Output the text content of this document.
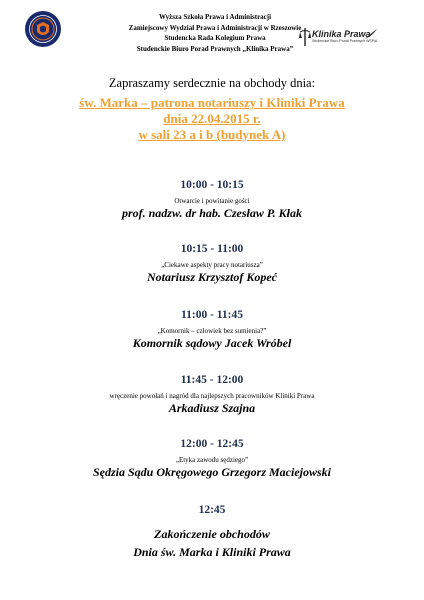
Wyższa Szkoła Prawa i Administracji
Zamiejscowy Wydział Prawa i Administracji w Rzeszowie
Studencka Rada Kolegium Prawa
Studenckie Biuro Porad Prawnych „Klinika Prawa”
Klinika Prawa
Studenckie Biuro Porad Prawnych WSPiA
Zapraszamy serdecznie na obchody dnia:
św. Marka – patrona notariuszy i Kliniki Prawa
dnia 22.04.2015 r.
w sali 23 a i b (budynek A)
10:00 - 10:15
Otwarcie i powitanie gości
prof. nadzw. dr hab. Czesław P. Kłak
10:15 - 11:00
„Ciekawe aspekty pracy notariusza”
Notariusz Krzysztof Kopeć
11:00 - 11:45
„Komornik – człowiek bez sumienia?”
Komornik sądowy Jacek Wróbel
11:45 - 12:00
wręczenie powołań i nagród dla najlepszych pracowników Kliniki Prawa
Arkadiusz Szajna
12:00 - 12:45
„Etyka zawodu sędziego”
Sędzia Sądu Okręgowego Grzegorz Maciejowski
12:45
Zakończenie obchodów
Dnia św. Marka i Kliniki Prawa
